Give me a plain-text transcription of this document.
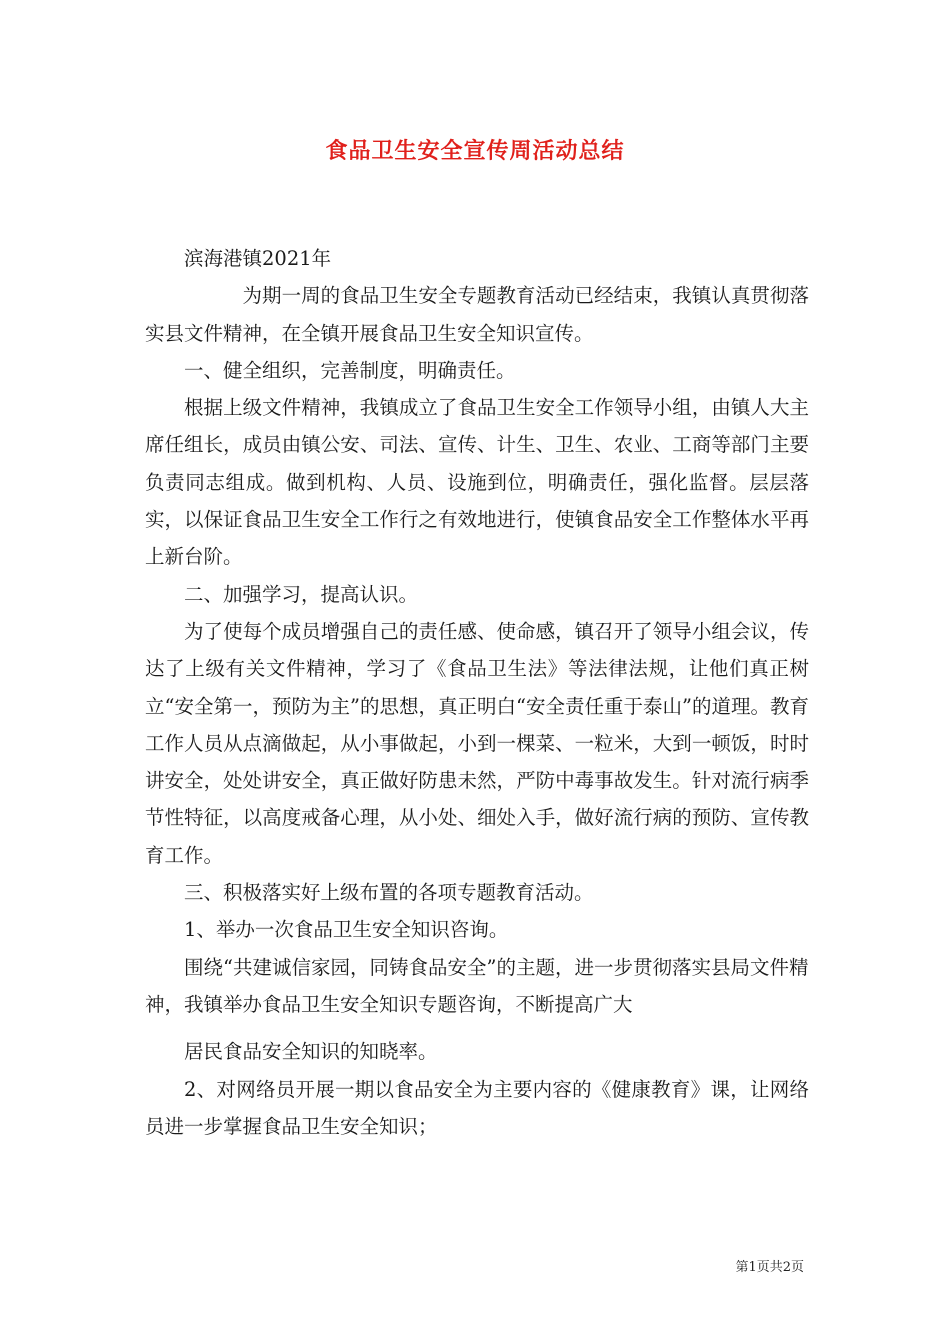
食品卫生安全宣传周活动总结

滨海港镇2021年

为期一周的食品卫生安全专题教育活动已经结束，我镇认真贯彻落实县文件精神，在全镇开展食品卫生安全知识宣传。

一、健全组织，完善制度，明确责任。

根据上级文件精神，我镇成立了食品卫生安全工作领导小组，由镇人大主席任组长，成员由镇公安、司法、宣传、计生、卫生、农业、工商等部门主要负责同志组成。做到机构、人员、设施到位，明确责任，强化监督。层层落实，以保证食品卫生安全工作行之有效地进行，使镇食品安全工作整体水平再上新台阶。

二、加强学习，提高认识。

为了使每个成员增强自己的责任感、使命感，镇召开了领导小组会议，传达了上级有关文件精神，学习了《食品卫生法》等法律法规，让他们真正树立“安全第一，预防为主”的思想，真正明白“安全责任重于泰山”的道理。教育工作人员从点滴做起，从小事做起，小到一棵菜、一粒米，大到一顿饭，时时讲安全，处处讲安全，真正做好防患未然，严防中毒事故发生。针对流行病季节性特征，以高度戒备心理，从小处、细处入手，做好流行病的预防、宣传教育工作。

三、积极落实好上级布置的各项专题教育活动。

1、举办一次食品卫生安全知识咨询。

围绕“共建诚信家园，同铸食品安全”的主题，进一步贯彻落实县局文件精神，我镇举办食品卫生安全知识专题咨询，不断提高广大

居民食品安全知识的知晓率。

2、对网络员开展一期以食品安全为主要内容的《健康教育》课，让网络员进一步掌握食品卫生安全知识；

第1页共2页
